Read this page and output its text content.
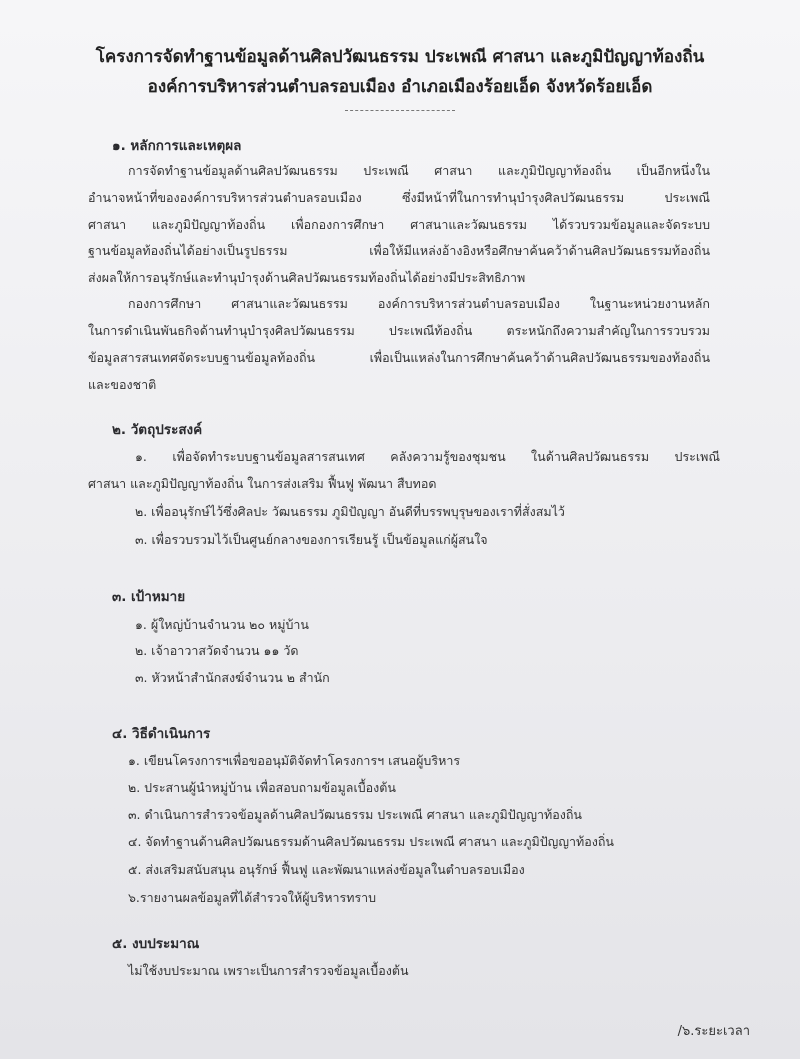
โครงการจัดทำฐานข้อมูลด้านศิลปวัฒนธรรม ประเพณี ศาสนา และภูมิปัญญาท้องถิ่น
องค์การบริหารส่วนตำบลรอบเมือง อำเภอเมืองร้อยเอ็ด จังหวัดร้อยเอ็ด
๑. หลักการและเหตุผล
การจัดทำฐานข้อมูลด้านศิลปวัฒนธรรม ประเพณี ศาสนา และภูมิปัญญาท้องถิ่น เป็นอีกหนึ่งใน
อำนาจหน้าที่ขององค์การบริหารส่วนตำบลรอบเมือง ซึ่งมีหน้าที่ในการทำนุบำรุงศิลปวัฒนธรรม ประเพณี
ศาสนา และภูมิปัญญาท้องถิ่น เพื่อกองการศึกษา ศาสนาและวัฒนธรรม ได้รวบรวมข้อมูลและจัดระบบ
ฐานข้อมูลท้องถิ่นได้อย่างเป็นรูปธรรม เพื่อให้มีแหล่งอ้างอิงหรือศึกษาค้นคว้าด้านศิลปวัฒนธรรมท้องถิ่น
ส่งผลให้การอนุรักษ์และทำนุบำรุงด้านศิลปวัฒนธรรมท้องถิ่นได้อย่างมีประสิทธิภาพ
กองการศึกษา ศาสนาและวัฒนธรรม องค์การบริหารส่วนตำบลรอบเมือง ในฐานะหน่วยงานหลัก
ในการดำเนินพันธกิจด้านทำนุบำรุงศิลปวัฒนธรรม ประเพณีท้องถิ่น ตระหนักถึงความสำคัญในการรวบรวม
ข้อมูลสารสนเทศจัดระบบฐานข้อมูลท้องถิ่น เพื่อเป็นแหล่งในการศึกษาค้นคว้าด้านศิลปวัฒนธรรมของท้องถิ่น
และของชาติ
๒. วัตถุประสงค์
๑. เพื่อจัดทำระบบฐานข้อมูลสารสนเทศ คลังความรู้ของชุมชน ในด้านศิลปวัฒนธรรม ประเพณี
ศาสนา และภูมิปัญญาท้องถิ่น ในการส่งเสริม ฟื้นฟู พัฒนา สืบทอด
๒. เพื่ออนุรักษ์ไว้ซึ่งศิลปะ วัฒนธรรม ภูมิปัญญา อันดีที่บรรพบุรุษของเราที่สั่งสมไว้
๓. เพื่อรวบรวมไว้เป็นศูนย์กลางของการเรียนรู้ เป็นข้อมูลแก่ผู้สนใจ
๓. เป้าหมาย
๑. ผู้ใหญ่บ้านจำนวน ๒๐ หมู่บ้าน
๒. เจ้าอาวาสวัดจำนวน ๑๑ วัด
๓. หัวหน้าสำนักสงฆ์จำนวน ๒ สำนัก
๔. วิธีดำเนินการ
๑. เขียนโครงการฯเพื่อขออนุมัติจัดทำโครงการฯ เสนอผู้บริหาร
๒. ประสานผู้นำหมู่บ้าน เพื่อสอบถามข้อมูลเบื้องต้น
๓. ดำเนินการสำรวจข้อมูลด้านศิลปวัฒนธรรม ประเพณี ศาสนา และภูมิปัญญาท้องถิ่น
๔. จัดทำฐานด้านศิลปวัฒนธรรมด้านศิลปวัฒนธรรม ประเพณี ศาสนา และภูมิปัญญาท้องถิ่น
๕. ส่งเสริมสนับสนุน อนุรักษ์ ฟื้นฟู และพัฒนาแหล่งข้อมูลในตำบลรอบเมือง
๖.รายงานผลข้อมูลที่ได้สำรวจให้ผู้บริหารทราบ
๕. งบประมาณ
ไม่ใช้งบประมาณ เพราะเป็นการสำรวจข้อมูลเบื้องต้น
/๖.ระยะเวลา
